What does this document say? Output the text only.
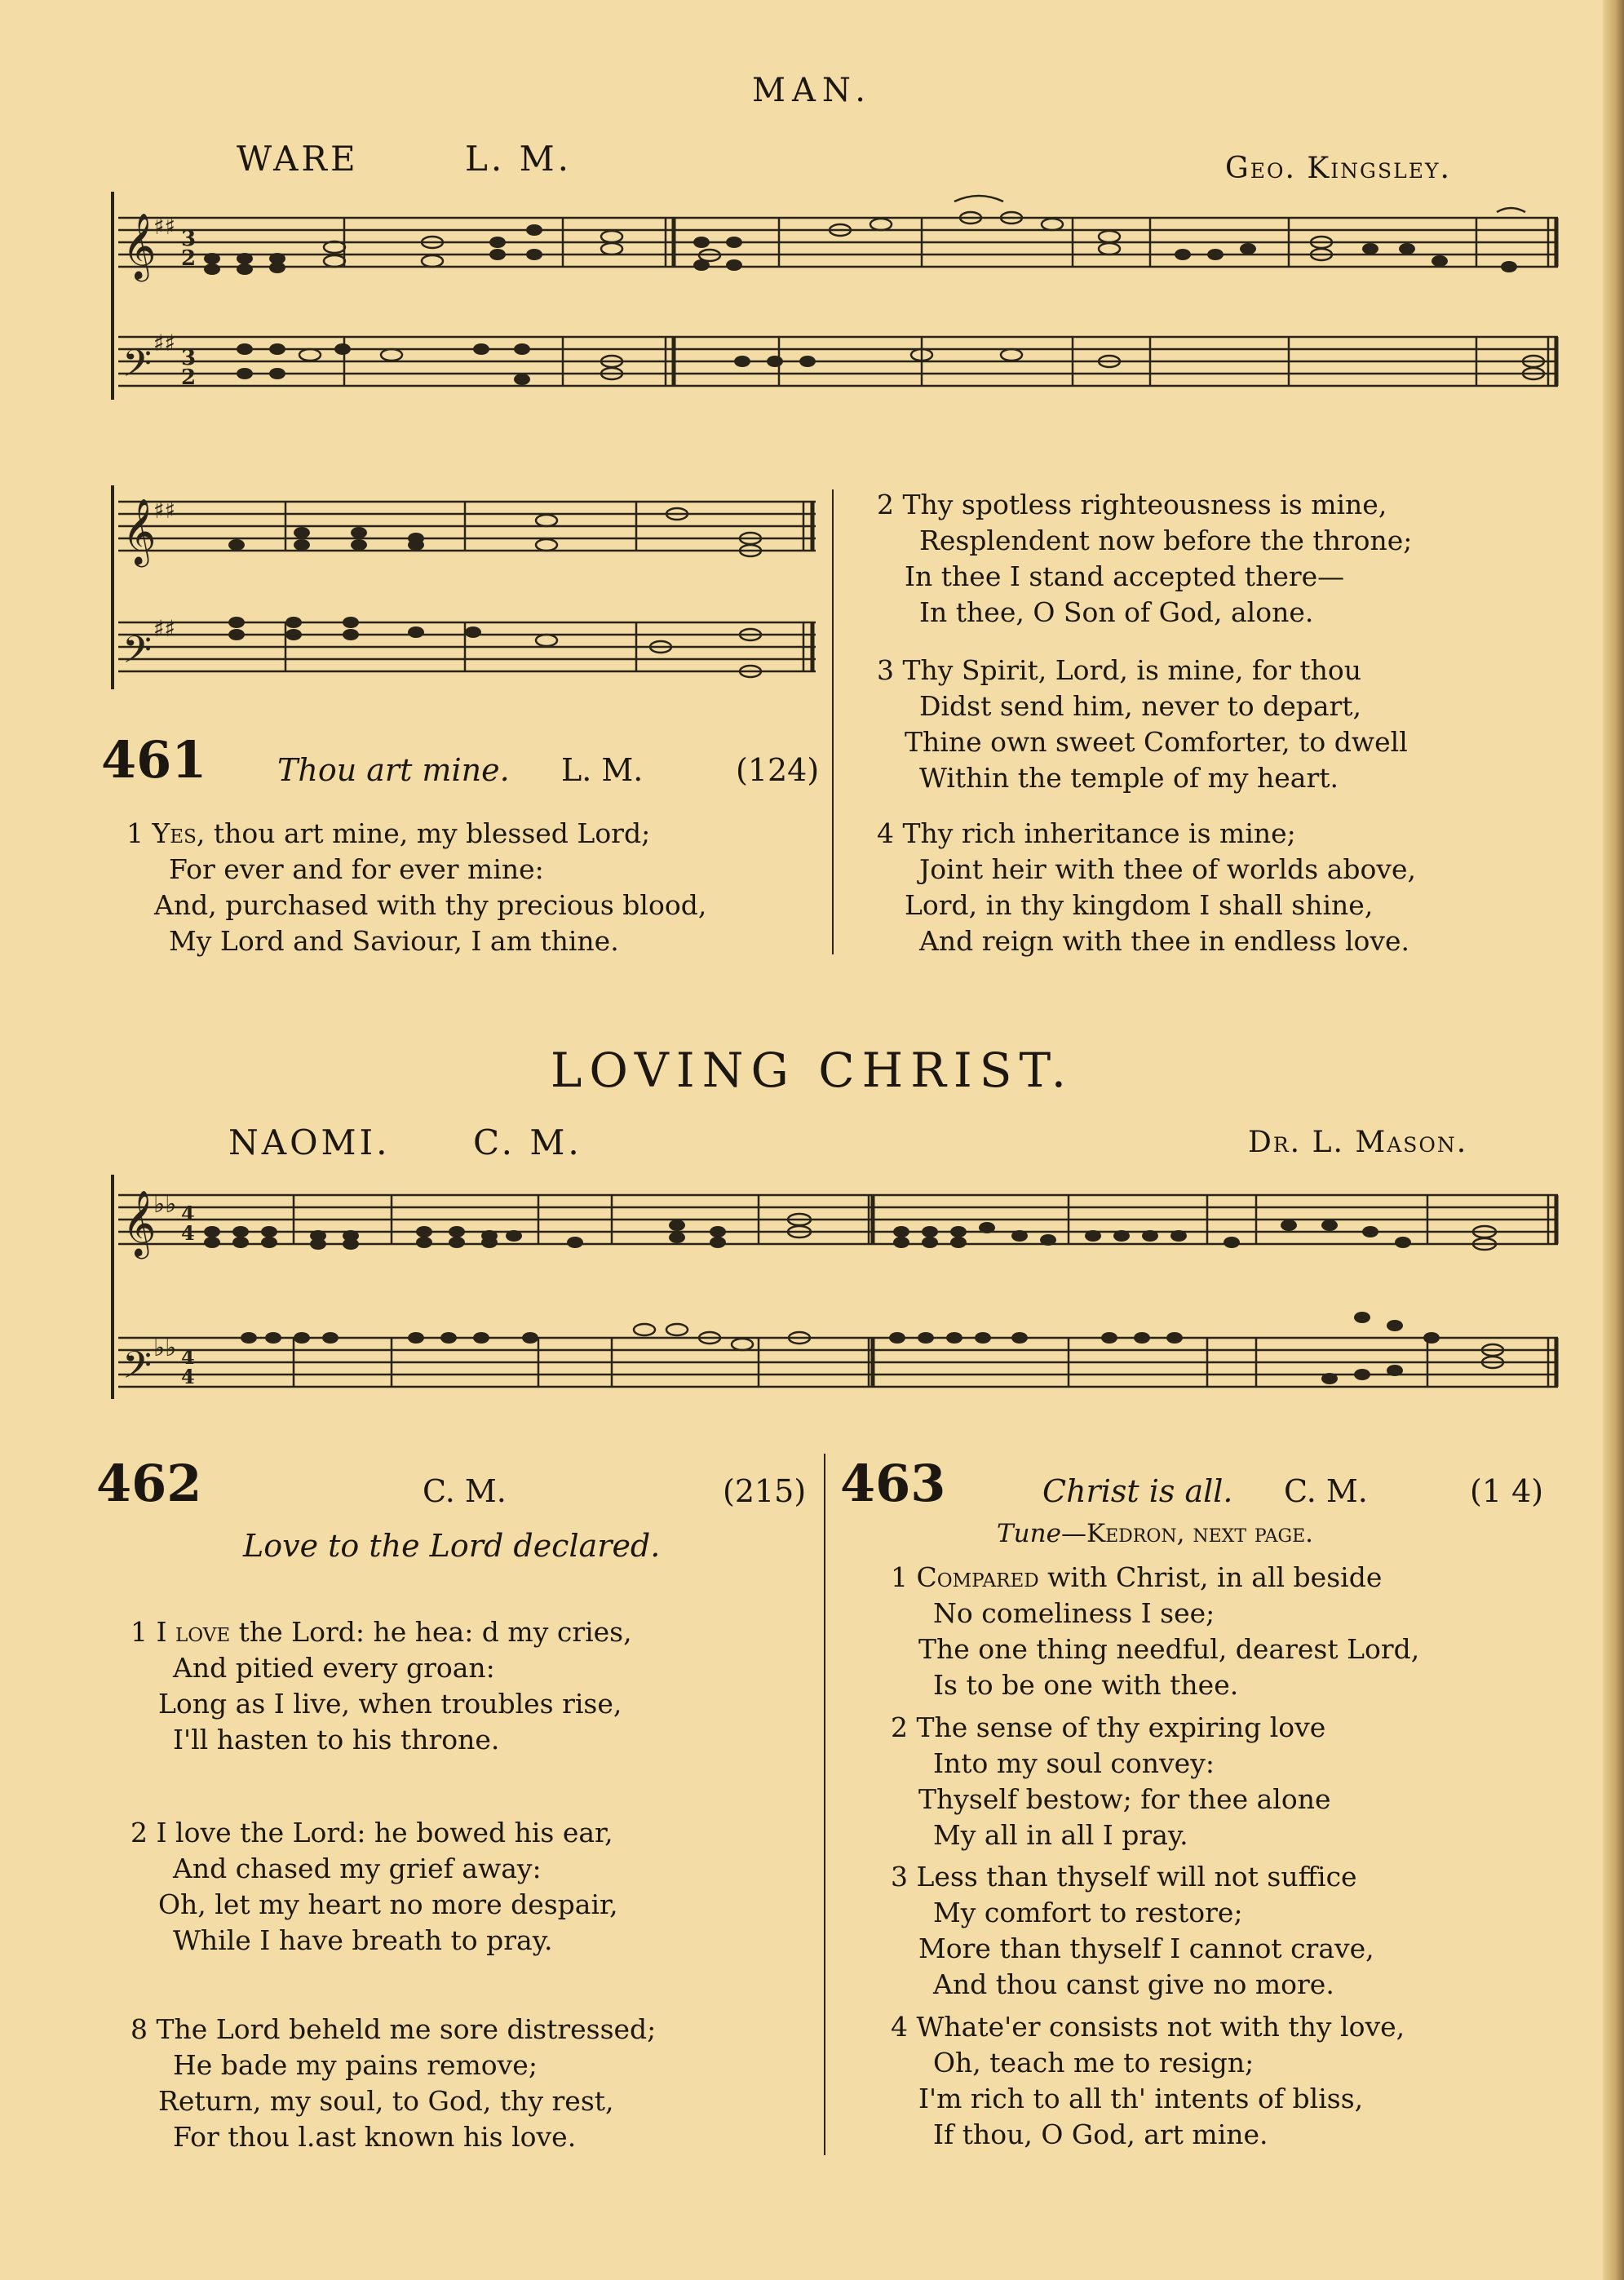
MAN.
WARE	L. M.	Geo. Kingsley.
𝄞
𝄢
♯♯
♯♯
3
2
3
2
𝄞
𝄢
♯♯
♯♯
461 Thou art mine. L. M.	(124)
1 Yes, thou art mine, my blessed Lord;
For ever and for ever mine:
And, purchased with thy precious blood,
My Lord and Saviour, I am thine.
2 Thy spotless righteousness is mine,
Resplendent now before the throne;
In thee I stand accepted there—
In thee, O Son of God, alone.
3 Thy Spirit, Lord, is mine, for thou
Didst send him, never to depart,
Thine own sweet Comforter, to dwell
Within the temple of my heart.
4 Thy rich inheritance is mine;
Joint heir with thee of worlds above,
Lord, in thy kingdom I shall shine,
And reign with thee in endless love.
LOVING CHRIST.
NAOMI. C. M.	Dr. L. Mason.
𝄞
𝄢
♭♭
♭♭
4
4
4
4
462	C. M.	(215)
Love to the Lord declared.
1 I love the Lord: he hea: d my cries,
And pitied every groan:
Long as I live, when troubles rise,
I'll hasten to his throne.
2 I love the Lord: he bowed his ear,
And chased my grief away:
Oh, let my heart no more despair,
While I have breath to pray.
8 The Lord beheld me sore distressed;
He bade my pains remove;
Return, my soul, to God, thy rest,
For thou l.ast known his love.
463	Christ is all. C. M.	(1 4)
Tune—Kedron, next page.
1 Compared with Christ, in all beside
No comeliness I see;
The one thing needful, dearest Lord,
Is to be one with thee.
2 The sense of thy expiring love
Into my soul convey:
Thyself bestow; for thee alone
My all in all I pray.
3 Less than thyself will not suffice
My comfort to restore;
More than thyself I cannot crave,
And thou canst give no more.
4 Whate'er consists not with thy love,
Oh, teach me to resign;
I'm rich to all th' intents of bliss,
If thou, O God, art mine.
